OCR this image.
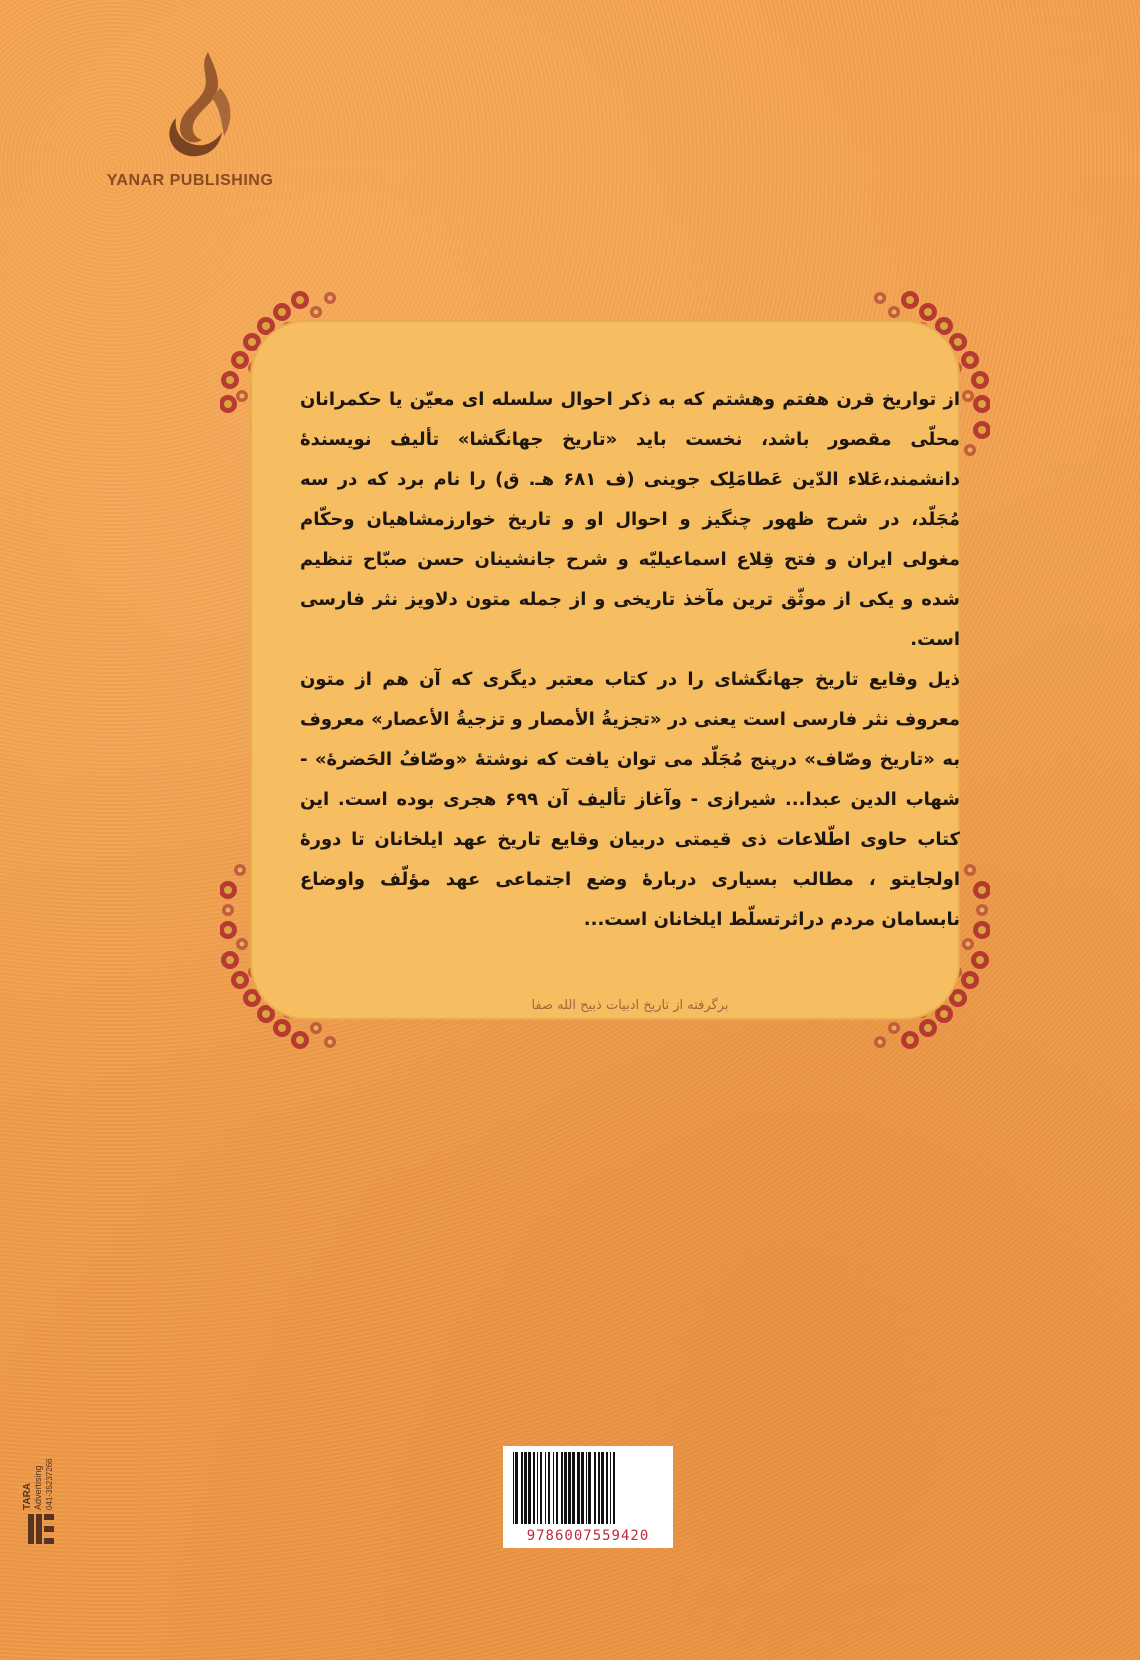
YANAR PUBLISHING

از تواریخ قرن هفتم وهشتم که به ذکر احوال سلسله ای معیّن یا حکمرانان محلّی مقصور باشد، نخست باید «تاریخ جهانگشا» تألیف نویسندهٔ دانشمند،عَلاء الدّین عَطامَلِک جوینی (ف ۶۸۱ هـ. ق) را نام برد که در سه مُجَلّد، در شرح ظهور چنگیز و احوال او و تاریخ خوارزمشاهیان وحکّام مغولی ایران و فتح قِلاع اسماعیلیّه و شرح جانشینان حسن صبّاح تنظیم شده و یکی از موثّق ترین مآخذ تاریخی و از جمله متون دلاویز نثر فارسی است.

ذیل وقایع تاریخ جهانگشای را در کتاب معتبر دیگری که آن هم از متون معروف نثر فارسی است یعنی در «تجزیةُ الأمصار و تزجیةُ الأعصار» معروف به «تاریخ وصّاف» درپنج مُجَلّد می توان یافت که نوشتهٔ «وصّافُ الحَضرهٔ» - شهاب الدین عبدا... شیرازی - وآغاز تألیف آن ۶۹۹ هجری بوده است. این کتاب حاوی اطّلاعات ذی قیمتی دربیان وقایع تاریخ عهد ایلخانان تا دورهٔ اولجایتو ، مطالب بسیاری دربارهٔ وضع اجتماعی عهد مؤلّف واوضاع نابسامان مردم دراثرتسلّط ایلخانان است...

برگرفته از تاریخ ادبیات ذبیح الله صفا
TARA Advertising 041-35237266
9786007559420
